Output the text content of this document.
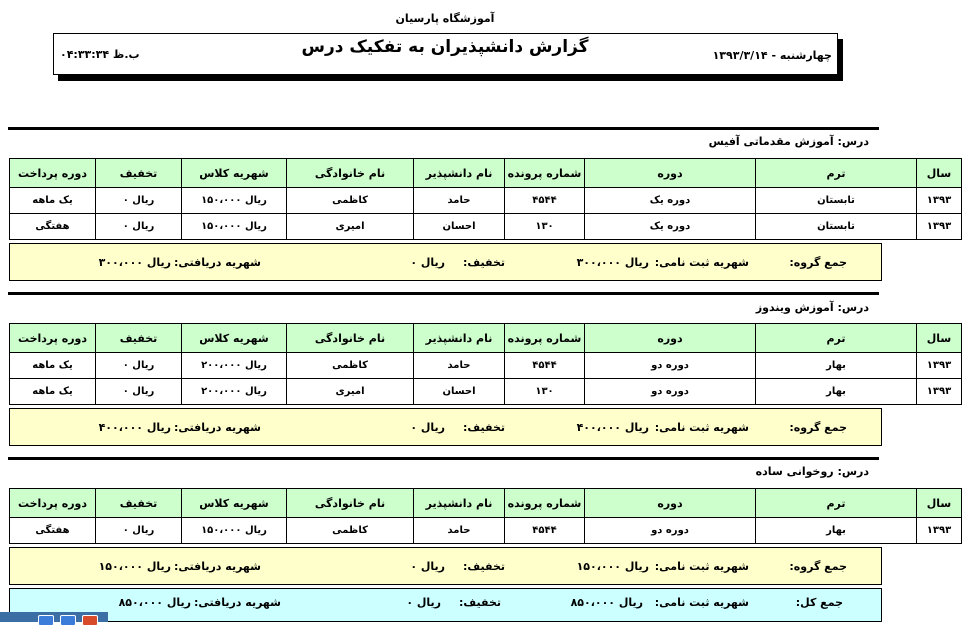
آموزشگاه پارسیان
گزارش دانشپذیران به تفکیک درس	چهارشنبه - ۱۳۹۳/۳/۱۴
۰۴:۳۳:۳۴ ب.ظ
درس: آموزش مقدماتی آفیس
سال	ترم	دوره	شماره پرونده	نام دانشپذیر	نام خانوادگی	شهریه کلاس	تخفیف	دوره پرداخت
۱۳۹۳	تابستان	دوره یک	۴۵۴۴	حامد	کاظمی	ریال ۱۵۰،۰۰۰	ریال ۰	یک ماهه
۱۳۹۳	تابستان	دوره یک	۱۳۰	احسان	امیری	ریال ۱۵۰،۰۰۰	ریال ۰	هفتگی
جمع گروه:
شهریه ثبت نامی:
ریال ۳۰۰،۰۰۰
تخفیف:
ریال ۰
شهریه دریافتی:
ریال ۳۰۰،۰۰۰
درس: آموزش ویندوز
سال	ترم	دوره	شماره پرونده	نام دانشپذیر	نام خانوادگی	شهریه کلاس	تخفیف	دوره پرداخت
۱۳۹۳	بهار	دوره دو	۴۵۴۴	حامد	کاظمی	ریال ۲۰۰،۰۰۰	ریال ۰	یک ماهه
۱۳۹۳	بهار	دوره دو	۱۳۰	احسان	امیری	ریال ۲۰۰،۰۰۰	ریال ۰	یک ماهه
جمع گروه:
شهریه ثبت نامی:
ریال ۴۰۰،۰۰۰
تخفیف:
ریال ۰
شهریه دریافتی:
ریال ۴۰۰،۰۰۰
درس: روخوانی ساده
سال	ترم	دوره	شماره پرونده	نام دانشپذیر	نام خانوادگی	شهریه کلاس	تخفیف	دوره پرداخت
۱۳۹۳	بهار	دوره دو	۴۵۴۴	حامد	کاظمی	ریال ۱۵۰،۰۰۰	ریال ۰	هفتگی
جمع گروه:
شهریه ثبت نامی:
ریال ۱۵۰،۰۰۰
تخفیف:
ریال ۰
شهریه دریافتی:
ریال ۱۵۰،۰۰۰
جمع کل:
شهریه ثبت نامی:
ریال ۸۵۰،۰۰۰
تخفیف:
ریال ۰
شهریه دریافتی:
ریال ۸۵۰،۰۰۰
